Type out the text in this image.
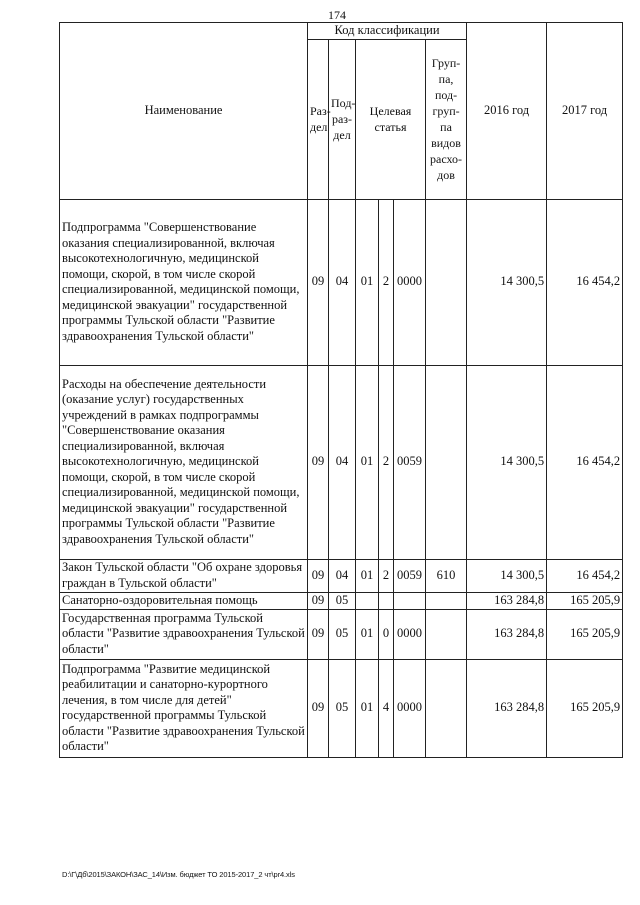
174
Наименование	Код классификации						2016 год	2017 год
	Раз-дел	Под-раз-дел	Целевая статья			Груп-па, под-груп-па видов расхо-дов		
Подпрограмма "Совершенствование оказания специализированной, включая высокотехнологичную, медицинской помощи, скорой, в том числе скорой специализированной, медицинской помощи, медицинской эвакуации" государственной программы Тульской области "Развитие здравоохранения Тульской области"	09	04	01	2	0000		14 300,5	16 454,2
Расходы на обеспечение деятельности (оказание услуг) государственных учреждений в рамках подпрограммы "Совершенствование оказания специализированной, включая высокотехнологичную, медицинской помощи, скорой, в том числе скорой специализированной, медицинской помощи, медицинской эвакуации" государственной программы Тульской области "Развитие здравоохранения Тульской области"	09	04	01	2	0059		14 300,5	16 454,2
Закон Тульской области "Об охране здоровья граждан в Тульской области"	09	04	01	2	0059	610	14 300,5	16 454,2
Санаторно-оздоровительная помощь	09	05					163 284,8	165 205,9
Государственная программа Тульской области "Развитие здравоохранения Тульской области"	09	05	01	0	0000		163 284,8	165 205,9
Подпрограмма "Развитие медицинской реабилитации и санаторно-курортного лечения, в том числе для детей" государственной программы Тульской области "Развитие здравоохранения Тульской области"	09	05	01	4	0000		163 284,8	165 205,9
D:\Г\Дб\2015\ЗАКОН\ЗАС_14\Изм. бюджет ТО 2015-2017_2 чт\pr4.xls
